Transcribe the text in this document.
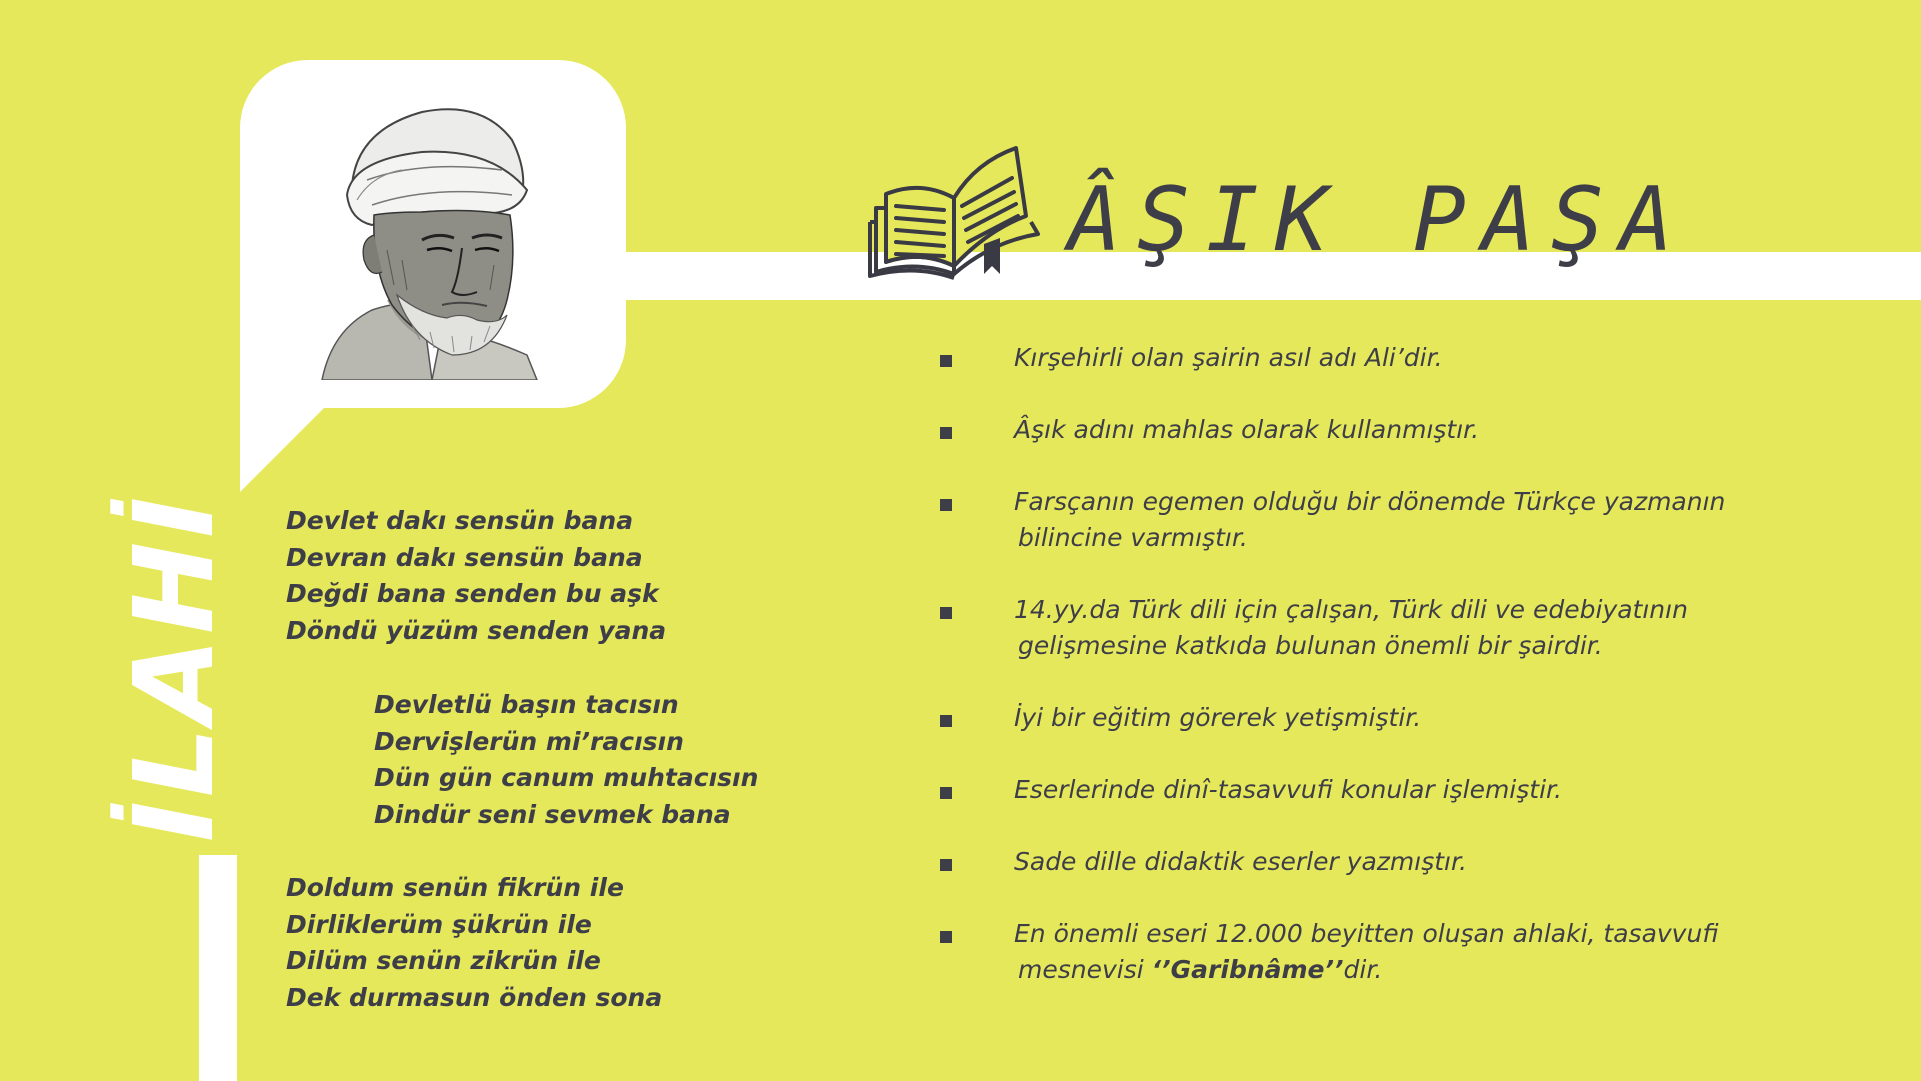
İLAHİ
ÂŞIK PAŞA
Devlet dakı sensün bana
Devran dakı sensün bana
Değdi bana senden bu aşk
Döndü yüzüm senden yana
Devletlü başın tacısın
Dervişlerün mi’racısın
Dün gün canum muhtacısın
Dindür seni sevmek bana
Doldum senün fikrün ile
Dirliklerüm şükrün ile
Dilüm senün zikrün ile
Dek durmasun önden sona
Kırşehirli olan şairin asıl adı Ali’dir.
Âşık adını mahlas olarak kullanmıştır.
Farsçanın egemen olduğu bir dönemde Türkçe yazmanın
bilincine varmıştır.
14.yy.da Türk dili için çalışan, Türk dili ve edebiyatının
gelişmesine katkıda bulunan önemli bir şairdir.
İyi bir eğitim görerek yetişmiştir.
Eserlerinde dinî-tasavvufi konular işlemiştir.
Sade dille didaktik eserler yazmıştır.
En önemli eseri 12.000 beyitten oluşan ahlaki, tasavvufi
mesnevisi ‘’Garibnâme’’dir.
